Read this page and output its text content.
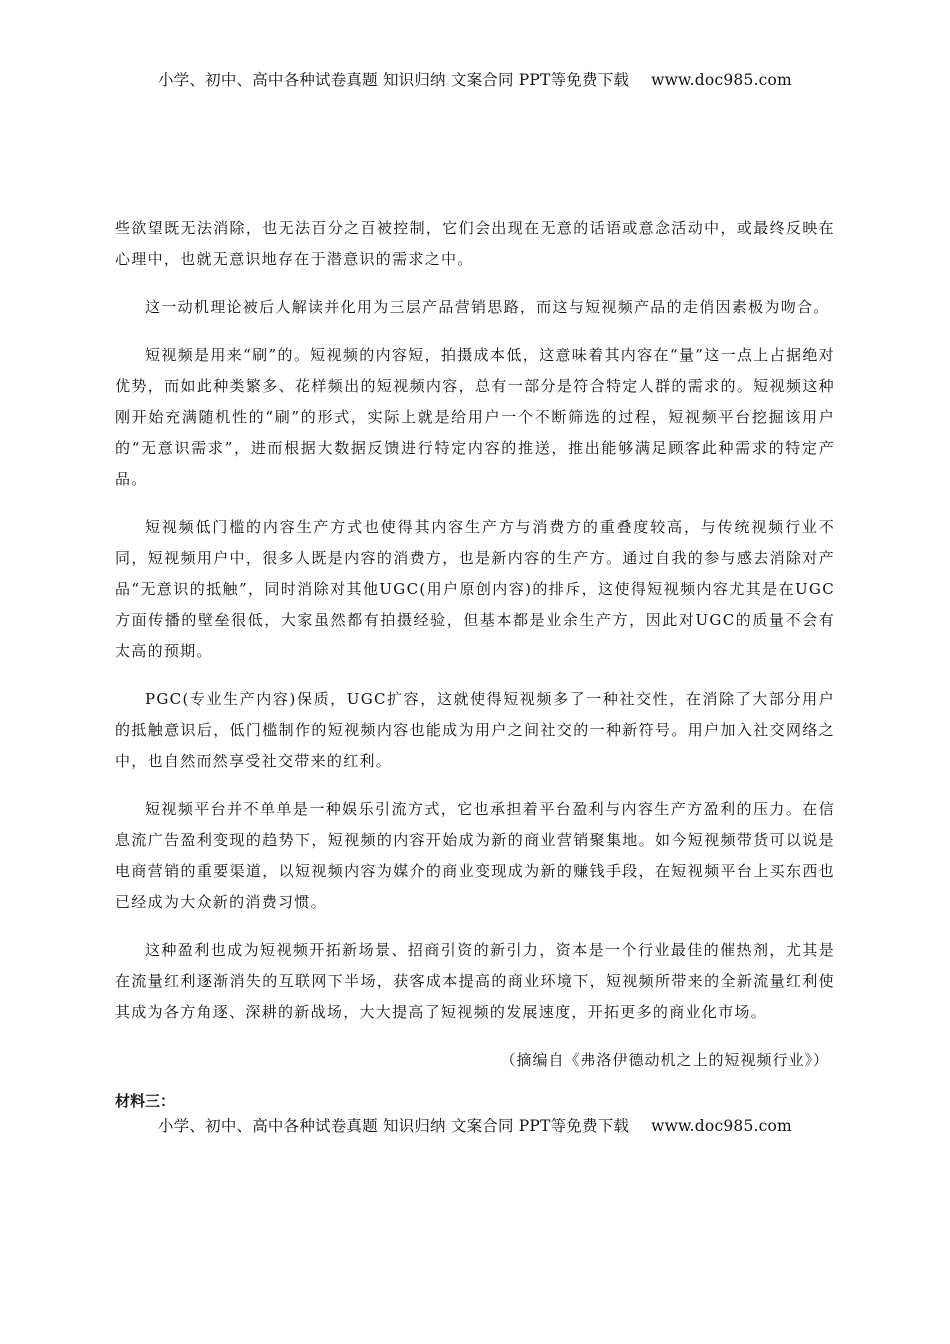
小学、初中、高中各种试卷真题 知识归纳 文案合同 PPT等免费下载 www.doc985.com

些欲望既无法消除，也无法百分之百被控制，它们会出现在无意的话语或意念活动中，或最终反映在心理中，也就无意识地存在于潜意识的需求之中。

这一动机理论被后人解读并化用为三层产品营销思路，而这与短视频产品的走俏因素极为吻合。

短视频是用来“刷”的。短视频的内容短，拍摄成本低，这意味着其内容在“量”这一点上占据绝对优势，而如此种类繁多、花样频出的短视频内容，总有一部分是符合特定人群的需求的。短视频这种刚开始充满随机性的“刷”的形式，实际上就是给用户一个不断筛选的过程，短视频平台挖掘该用户的“无意识需求”，进而根据大数据反馈进行特定内容的推送，推出能够满足顾客此种需求的特定产品。

短视频低门槛的内容生产方式也使得其内容生产方与消费方的重叠度较高，与传统视频行业不同，短视频用户中，很多人既是内容的消费方，也是新内容的生产方。通过自我的参与感去消除对产品“无意识的抵触”，同时消除对其他UGC(用户原创内容)的排斥，这使得短视频内容尤其是在UGC方面传播的壁垒很低，大家虽然都有拍摄经验，但基本都是业余生产方，因此对UGC的质量不会有太高的预期。

PGC(专业生产内容)保质，UGC扩容，这就使得短视频多了一种社交性，在消除了大部分用户的抵触意识后，低门槛制作的短视频内容也能成为用户之间社交的一种新符号。用户加入社交网络之中，也自然而然享受社交带来的红利。

短视频平台并不单单是一种娱乐引流方式，它也承担着平台盈利与内容生产方盈利的压力。在信息流广告盈利变现的趋势下，短视频的内容开始成为新的商业营销聚集地。如今短视频带货可以说是电商营销的重要渠道，以短视频内容为媒介的商业变现成为新的赚钱手段，在短视频平台上买东西也已经成为大众新的消费习惯。

这种盈利也成为短视频开拓新场景、招商引资的新引力，资本是一个行业最佳的催热剂，尤其是在流量红利逐渐消失的互联网下半场，获客成本提高的商业环境下，短视频所带来的全新流量红利使其成为各方角逐、深耕的新战场，大大提高了短视频的发展速度，开拓更多的商业化市场。

（摘编自《弗洛伊德动机之上的短视频行业》）

材料三：

小学、初中、高中各种试卷真题 知识归纳 文案合同 PPT等免费下载 www.doc985.com
